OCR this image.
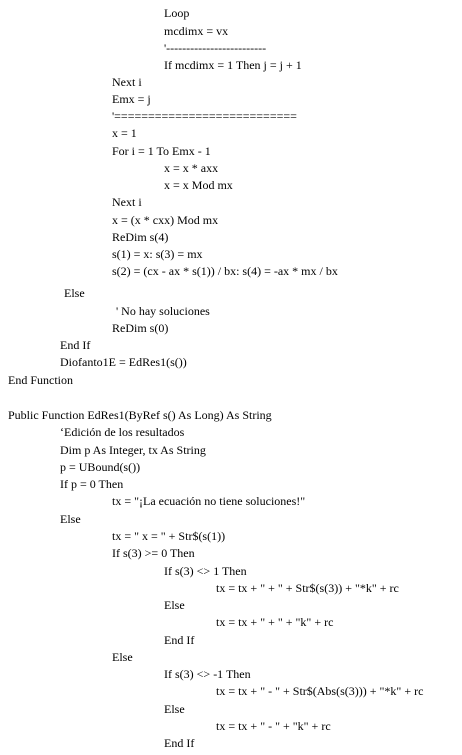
Loop
mcdimx = vx
'-------------------------
If mcdimx = 1 Then j = j + 1
Next i
Emx = j
'===========================
x = 1
For i = 1 To Emx - 1
x = x * axx
x = x Mod mx
Next i
x = (x * cxx) Mod mx
ReDim s(4)
s(1) = x: s(3) = mx
s(2) = (cx - ax * s(1)) / bx: s(4) = -ax * mx / bx
Else
' No hay soluciones
ReDim s(0)
End If
Diofanto1E = EdRes1(s())
End Function
Public Function EdRes1(ByRef s() As Long) As String
‘Edición de los resultados
Dim p As Integer, tx As String
p = UBound(s())
If p = 0 Then
tx = "¡La ecuación no tiene soluciones!"
Else
tx = " x = " + Str$(s(1))
If s(3) >= 0 Then
If s(3) <> 1 Then
tx = tx + " + " + Str$(s(3)) + "*k" + rc
Else
tx = tx + " + " + "k" + rc
End If
Else
If s(3) <> -1 Then
tx = tx + " - " + Str$(Abs(s(3))) + "*k" + rc
Else
tx = tx + " - " + "k" + rc
End If
